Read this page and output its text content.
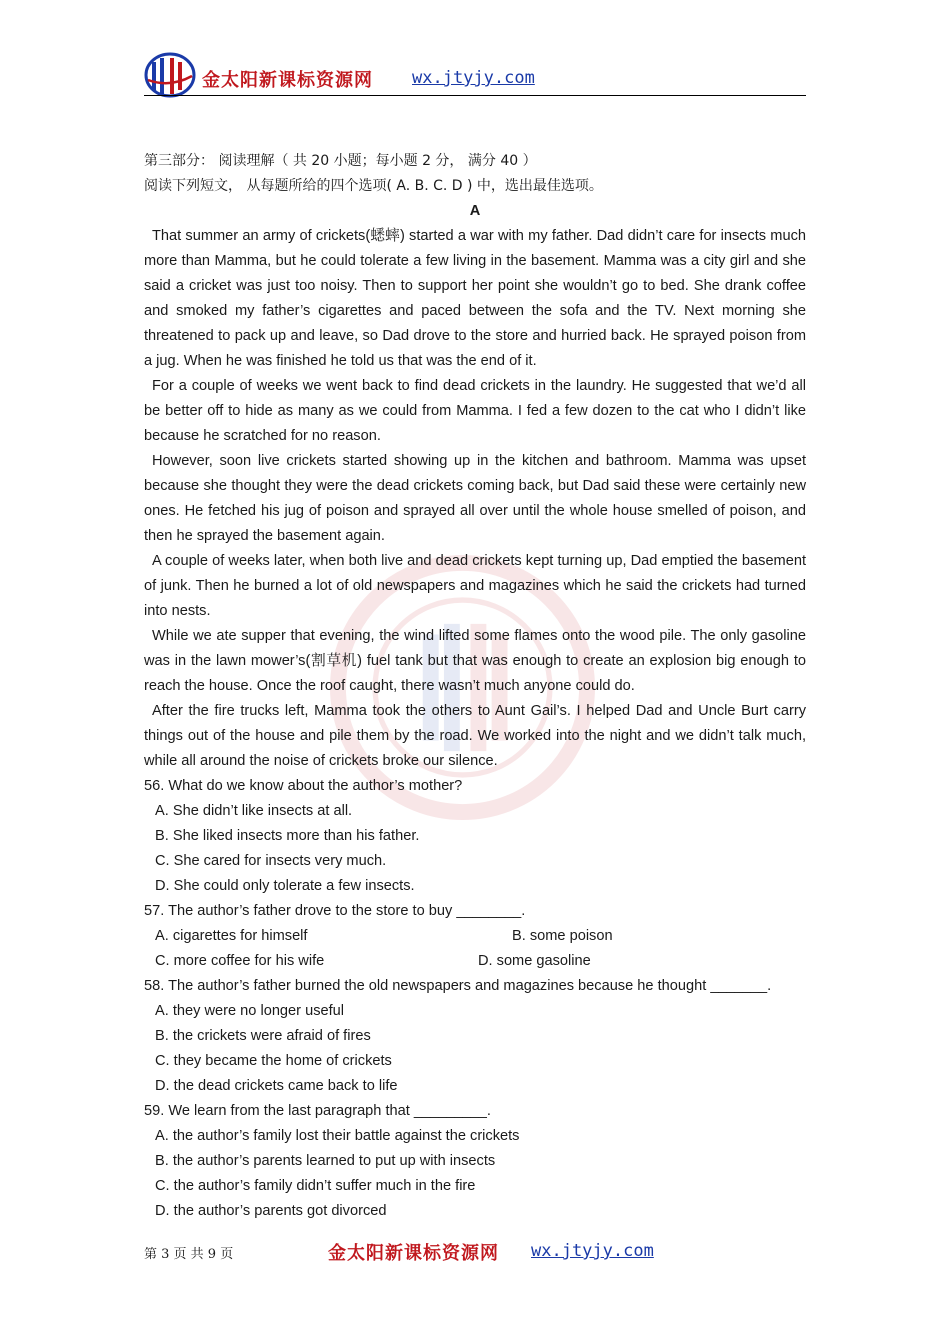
金太阳新课标资源网 wx.jtyjy.com
第三部分： 阅读理解（ 共 20 小题；每小题 2 分， 满分 40 ）
阅读下列短文， 从每题所给的四个选项( A. B. C. D ) 中，选出最佳选项。
A
That summer an army of crickets(蟋蟀) started a war with my father. Dad didn’t care for insects much more than Mamma, but he could tolerate a few living in the basement. Mamma was a city girl and she said a cricket was just too noisy. Then to support her point she wouldn’t go to bed. She drank coffee and smoked my father’s cigarettes and paced between the sofa and the TV. Next morning she threatened to pack up and leave, so Dad drove to the store and hurried back. He sprayed poison from a jug. When he was finished he told us that was the end of it.
For a couple of weeks we went back to find dead crickets in the laundry. He suggested that we’d all be better off to hide as many as we could from Mamma. I fed a few dozen to the cat who I didn’t like because he scratched for no reason.
However, soon live crickets started showing up in the kitchen and bathroom. Mamma was upset because she thought they were the dead crickets coming back, but Dad said these were certainly new ones. He fetched his jug of poison and sprayed all over until the whole house smelled of poison, and then he sprayed the basement again.
A couple of weeks later, when both live and dead crickets kept turning up, Dad emptied the basement of junk. Then he burned a lot of old newspapers and magazines which he said the crickets had turned into nests.
While we ate supper that evening, the wind lifted some flames onto the wood pile. The only gasoline was in the lawn mower’s(割草机) fuel tank but that was enough to create an explosion big enough to reach the house. Once the roof caught, there wasn’t much anyone could do.
After the fire trucks left, Mamma took the others to Aunt Gail’s. I helped Dad and Uncle Burt carry things out of the house and pile them by the road. We worked into the night and we didn’t talk much, while all around the noise of crickets broke our silence.
56. What do we know about the author’s mother?
A. She didn’t like insects at all.
B. She liked insects more than his father.
C. She cared for insects very much.
D. She could only tolerate a few insects.
57. The author’s father drove to the store to buy ________.
A. cigarettes for himself	B. some poison
C. more coffee for his wife	D. some gasoline
58. The author’s father burned the old newspapers and magazines because he thought _______.
A. they were no longer useful
B. the crickets were afraid of fires
C. they became the home of crickets
D. the dead crickets came back to life
59. We learn from the last paragraph that _________.
A. the author’s family lost their battle against the crickets
B. the author’s parents learned to put up with insects
C. the author’s family didn’t suffer much in the fire
D. the author’s parents got divorced
第 3 页 共 9 页	金太阳新课标资源网 wx.jtyjy.com
